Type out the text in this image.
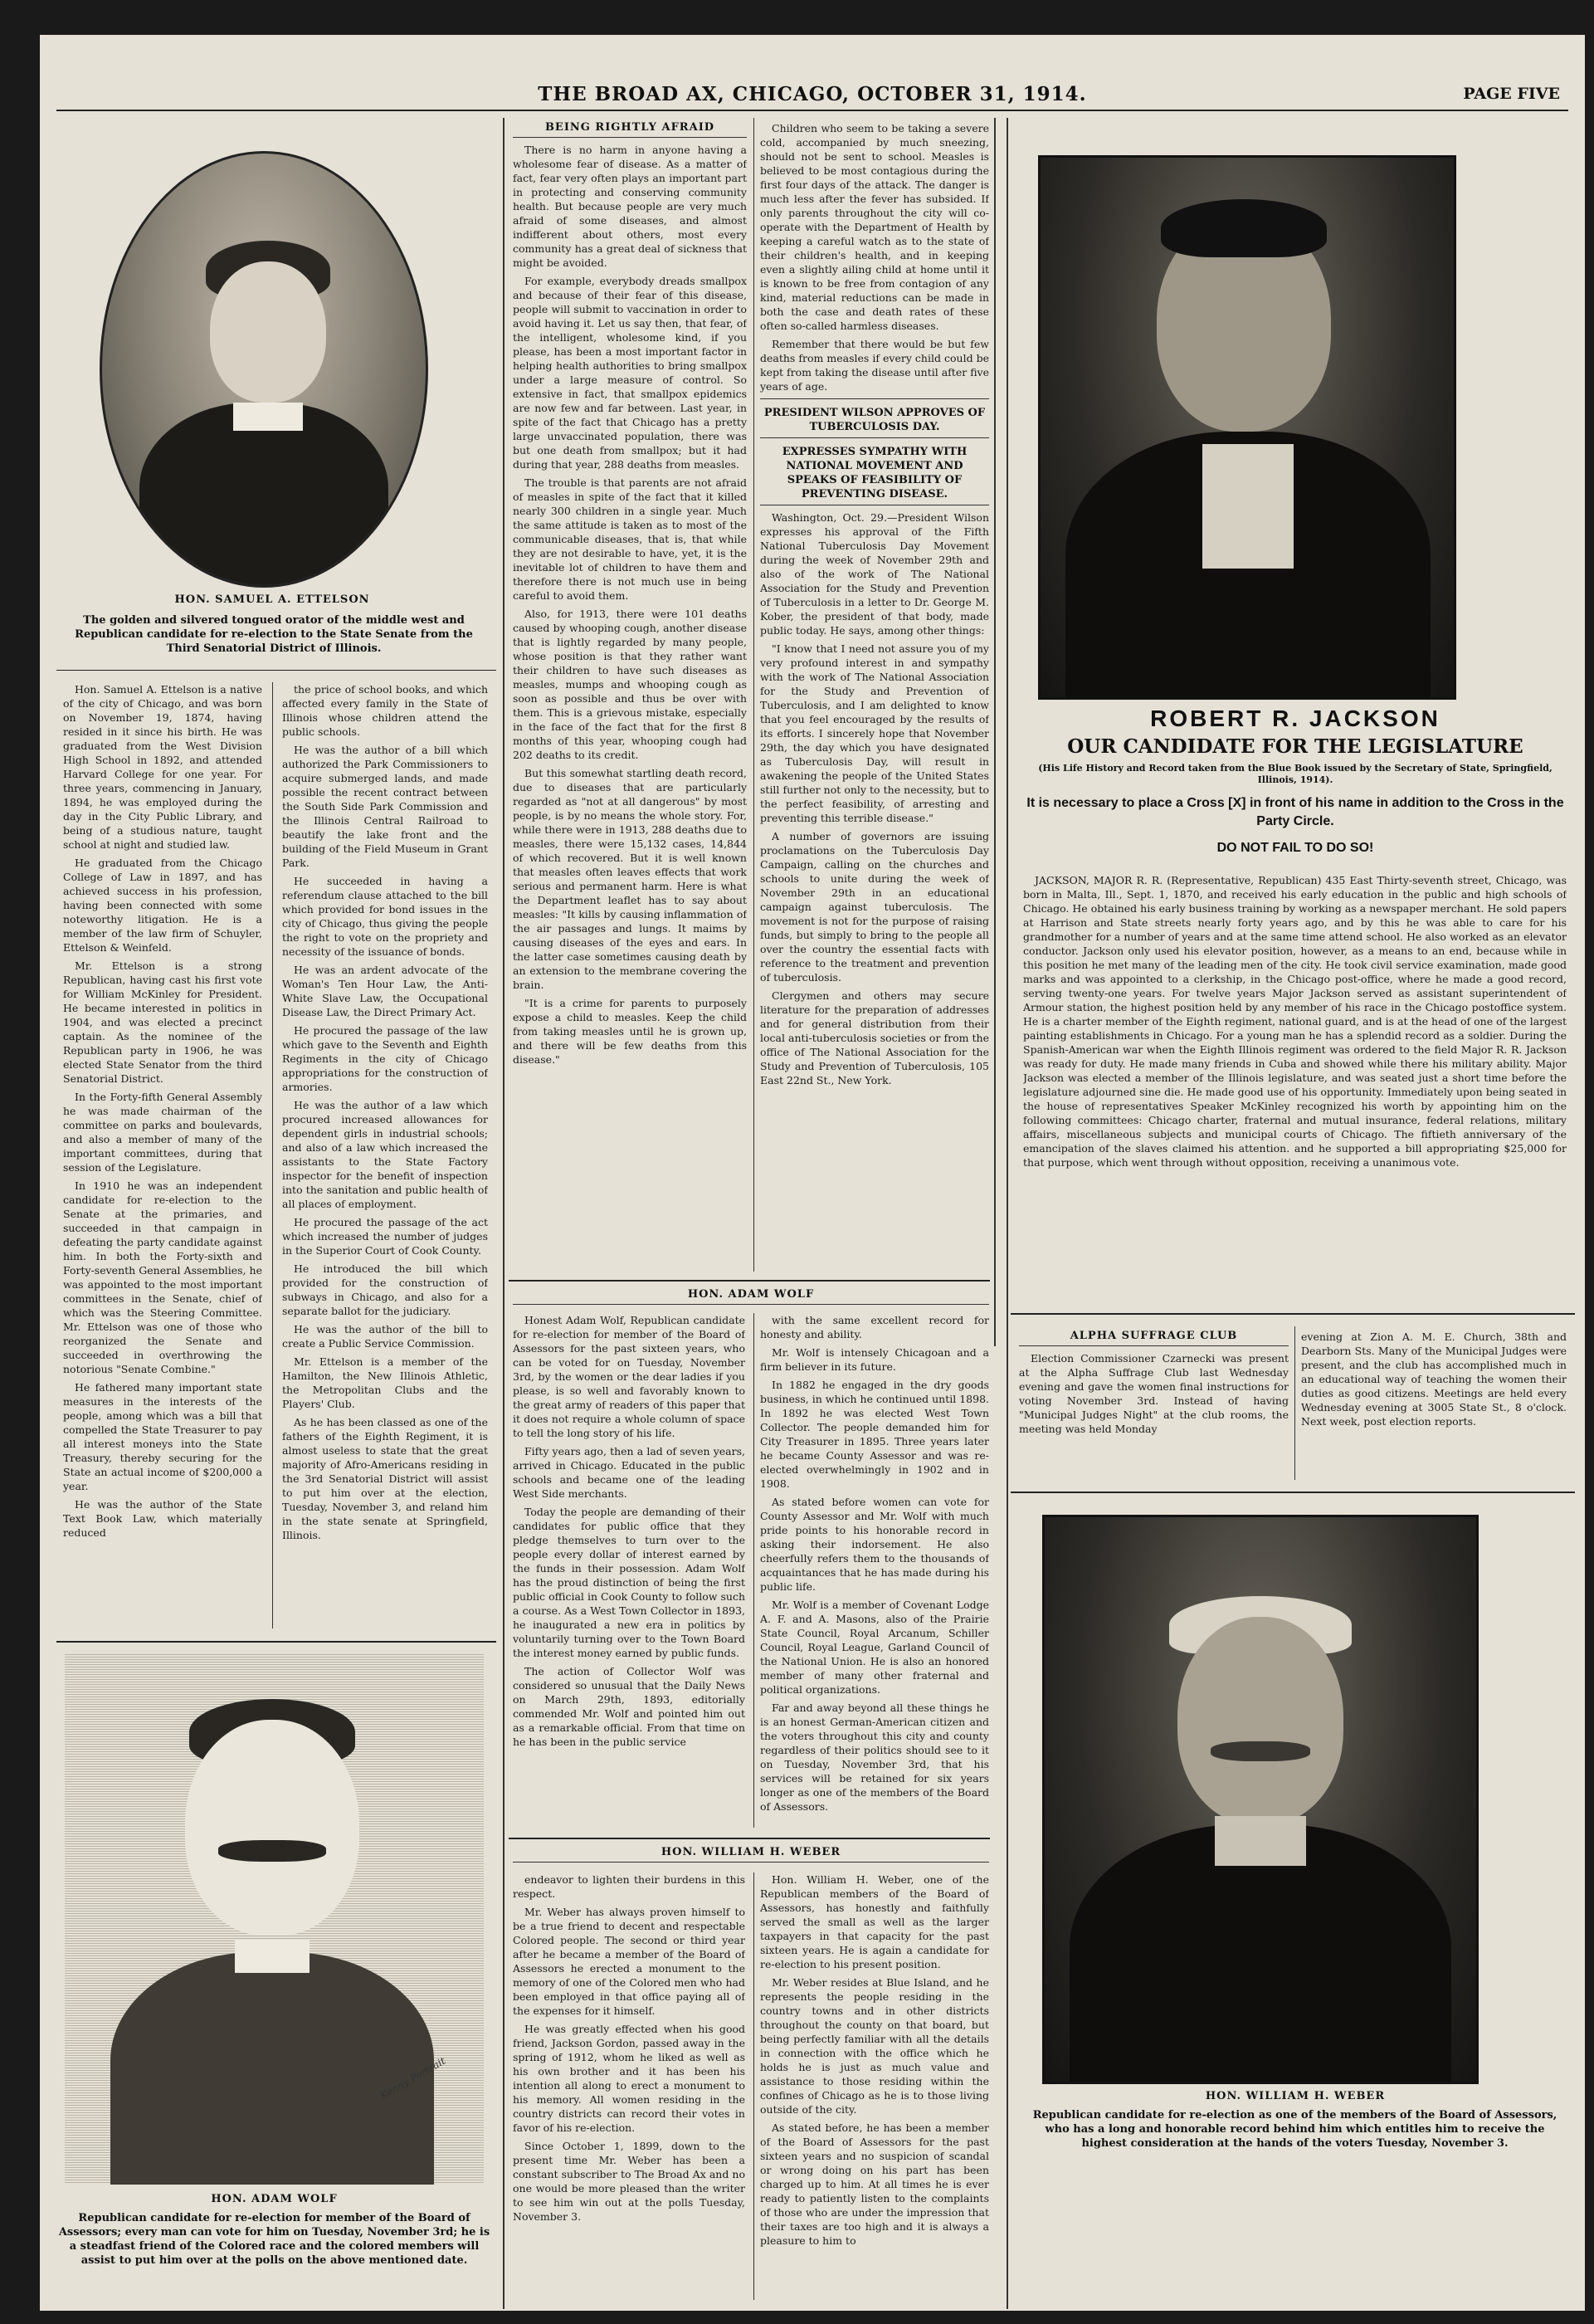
THE BROAD AX, CHICAGO, OCTOBER 31, 1914.	PAGE FIVE
HON. SAMUEL A. ETTELSON
The golden and silvered tongued orator of the middle west and Republican candidate for re-election to the State Senate from the Third Senatorial District of Illinois.

Hon. Samuel A. Ettelson is a native of the city of Chicago, and was born on November 19, 1874, having resided in it since his birth. He was graduated from the West Division High School in 1892, and attended Harvard College for one year. For three years, commencing in January, 1894, he was employed during the day in the City Public Library, and being of a studious nature, taught school at night and studied law.

He graduated from the Chicago College of Law in 1897, and has achieved success in his profession, having been connected with some noteworthy litigation. He is a member of the law firm of Schuyler, Ettelson & Weinfeld.

Mr. Ettelson is a strong Republican, having cast his first vote for William McKinley for President. He became interested in politics in 1904, and was elected a precinct captain. As the nominee of the Republican party in 1906, he was elected State Senator from the third Senatorial District.

In the Forty-fifth General Assembly he was made chairman of the committee on parks and boulevards, and also a member of many of the important committees, during that session of the Legislature.

In 1910 he was an independent candidate for re-election to the Senate at the primaries, and succeeded in that campaign in defeating the party candidate against him. In both the Forty-sixth and Forty-seventh General Assemblies, he was appointed to the most important committees in the Senate, chief of which was the Steering Committee. Mr. Ettelson was one of those who reorganized the Senate and succeeded in overthrowing the notorious "Senate Combine."

He fathered many important state measures in the interests of the people, among which was a bill that compelled the State Treasurer to pay all interest moneys into the State Treasury, thereby securing for the State an actual income of $200,000 a year.

He was the author of the State Text Book Law, which materially reduced

the price of school books, and which affected every family in the State of Illinois whose children attend the public schools.

He was the author of a bill which authorized the Park Commissioners to acquire submerged lands, and made possible the recent contract between the South Side Park Commission and the Illinois Central Railroad to beautify the lake front and the building of the Field Museum in Grant Park.

He succeeded in having a referendum clause attached to the bill which provided for bond issues in the city of Chicago, thus giving the people the right to vote on the propriety and necessity of the issuance of bonds.

He was an ardent advocate of the Woman's Ten Hour Law, the Anti-White Slave Law, the Occupational Disease Law, the Direct Primary Act.

He procured the passage of the law which gave to the Seventh and Eighth Regiments in the city of Chicago appropriations for the construction of armories.

He was the author of a law which procured increased allowances for dependent girls in industrial schools; and also of a law which increased the assistants to the State Factory inspector for the benefit of inspection into the sanitation and public health of all places of employment.

He procured the passage of the act which increased the number of judges in the Superior Court of Cook County.

He introduced the bill which provided for the construction of subways in Chicago, and also for a separate ballot for the judiciary.

He was the author of the bill to create a Public Service Commission.

Mr. Ettelson is a member of the Hamilton, the New Illinois Athletic, the Metropolitan Clubs and the Players' Club.

As he has been classed as one of the fathers of the Eighth Regiment, it is almost useless to state that the great majority of Afro-Americans residing in the 3rd Senatorial District will assist to put him over at the election, Tuesday, November 3, and reland him in the state senate at Springfield, Illinois.

Kenny Portrait
HON. ADAM WOLF
Republican candidate for re-election for member of the Board of Assessors; every man can vote for him on Tuesday, November 3rd; he is a steadfast friend of the Colored race and the colored members will assist to put him over at the polls on the above mentioned date.
BEING RIGHTLY AFRAID

There is no harm in anyone having a wholesome fear of disease. As a matter of fact, fear very often plays an important part in protecting and conserving community health. But because people are very much afraid of some diseases, and almost indifferent about others, most every community has a great deal of sickness that might be avoided.

For example, everybody dreads smallpox and because of their fear of this disease, people will submit to vaccination in order to avoid having it. Let us say then, that fear, of the intelligent, wholesome kind, if you please, has been a most important factor in helping health authorities to bring smallpox under a large measure of control. So extensive in fact, that smallpox epidemics are now few and far between. Last year, in spite of the fact that Chicago has a pretty large unvaccinated population, there was but one death from smallpox; but it had during that year, 288 deaths from measles.

The trouble is that parents are not afraid of measles in spite of the fact that it killed nearly 300 children in a single year. Much the same attitude is taken as to most of the communicable diseases, that is, that while they are not desirable to have, yet, it is the inevitable lot of children to have them and therefore there is not much use in being careful to avoid them.

Also, for 1913, there were 101 deaths caused by whooping cough, another disease that is lightly regarded by many people, whose position is that they rather want their children to have such diseases as measles, mumps and whooping cough as soon as possible and thus be over with them. This is a grievous mistake, especially in the face of the fact that for the first 8 months of this year, whooping cough had 202 deaths to its credit.

But this somewhat startling death record, due to diseases that are particularly regarded as "not at all dangerous" by most people, is by no means the whole story. For, while there were in 1913, 288 deaths due to measles, there were 15,132 cases, 14,844 of which recovered. But it is well known that measles often leaves effects that work serious and permanent harm. Here is what the Department leaflet has to say about measles: "It kills by causing inflammation of the air passages and lungs. It maims by causing diseases of the eyes and ears. In the latter case sometimes causing death by an extension to the membrane covering the brain.

"It is a crime for parents to purposely expose a child to measles. Keep the child from taking measles until he is grown up, and there will be few deaths from this disease."

Children who seem to be taking a severe cold, accompanied by much sneezing, should not be sent to school. Measles is believed to be most contagious during the first four days of the attack. The danger is much less after the fever has subsided. If only parents throughout the city will co-operate with the Department of Health by keeping a careful watch as to the state of their children's health, and in keeping even a slightly ailing child at home until it is known to be free from contagion of any kind, material reductions can be made in both the case and death rates of these often so-called harmless diseases.

Remember that there would be but few deaths from measles if every child could be kept from taking the disease until after five years of age.

PRESIDENT WILSON APPROVES OF TUBERCULOSIS DAY.
EXPRESSES SYMPATHY WITH NATIONAL MOVEMENT AND SPEAKS OF FEASIBILITY OF PREVENTING DISEASE.

Washington, Oct. 29.—President Wilson expresses his approval of the Fifth National Tuberculosis Day Movement during the week of November 29th and also of the work of The National Association for the Study and Prevention of Tuberculosis in a letter to Dr. George M. Kober, the president of that body, made public today. He says, among other things:

"I know that I need not assure you of my very profound interest in and sympathy with the work of The National Association for the Study and Prevention of Tuberculosis, and I am delighted to know that you feel encouraged by the results of its efforts. I sincerely hope that November 29th, the day which you have designated as Tuberculosis Day, will result in awakening the people of the United States still further not only to the necessity, but to the perfect feasibility, of arresting and preventing this terrible disease."

A number of governors are issuing proclamations on the Tuberculosis Day Campaign, calling on the churches and schools to unite during the week of November 29th in an educational campaign against tuberculosis. The movement is not for the purpose of raising funds, but simply to bring to the people all over the country the essential facts with reference to the treatment and prevention of tuberculosis.

Clergymen and others may secure literature for the preparation of addresses and for general distribution from their local anti-tuberculosis societies or from the office of The National Association for the Study and Prevention of Tuberculosis, 105 East 22nd St., New York.

HON. ADAM WOLF

Honest Adam Wolf, Republican candidate for re-election for member of the Board of Assessors for the past sixteen years, who can be voted for on Tuesday, November 3rd, by the women or the dear ladies if you please, is so well and favorably known to the great army of readers of this paper that it does not require a whole column of space to tell the long story of his life.

Fifty years ago, then a lad of seven years, arrived in Chicago. Educated in the public schools and became one of the leading West Side merchants.

Today the people are demanding of their candidates for public office that they pledge themselves to turn over to the people every dollar of interest earned by the funds in their possession. Adam Wolf has the proud distinction of being the first public official in Cook County to follow such a course. As a West Town Collector in 1893, he inaugurated a new era in politics by voluntarily turning over to the Town Board the interest money earned by public funds.

The action of Collector Wolf was considered so unusual that the Daily News on March 29th, 1893, editorially commended Mr. Wolf and pointed him out as a remarkable official. From that time on he has been in the public service

with the same excellent record for honesty and ability.

Mr. Wolf is intensely Chicagoan and a firm believer in its future.

In 1882 he engaged in the dry goods business, in which he continued until 1898. In 1892 he was elected West Town Collector. The people demanded him for City Treasurer in 1895. Three years later he became County Assessor and was re-elected overwhelmingly in 1902 and in 1908.

As stated before women can vote for County Assessor and Mr. Wolf with much pride points to his honorable record in asking their indorsement. He also cheerfully refers them to the thousands of acquaintances that he has made during his public life.

Mr. Wolf is a member of Covenant Lodge A. F. and A. Masons, also of the Prairie State Council, Royal Arcanum, Schiller Council, Royal League, Garland Council of the National Union. He is also an honored member of many other fraternal and political organizations.

Far and away beyond all these things he is an honest German-American citizen and the voters throughout this city and county regardless of their politics should see to it on Tuesday, November 3rd, that his services will be retained for six years longer as one of the members of the Board of Assessors.

HON. WILLIAM H. WEBER

endeavor to lighten their burdens in this respect.

Mr. Weber has always proven himself to be a true friend to decent and respectable Colored people. The second or third year after he became a member of the Board of Assessors he erected a monument to the memory of one of the Colored men who had been employed in that office paying all of the expenses for it himself.

He was greatly effected when his good friend, Jackson Gordon, passed away in the spring of 1912, whom he liked as well as his own brother and it has been his intention all along to erect a monument to his memory. All women residing in the country districts can record their votes in favor of his re-election.

Since October 1, 1899, down to the present time Mr. Weber has been a constant subscriber to The Broad Ax and no one would be more pleased than the writer to see him win out at the polls Tuesday, November 3.

Hon. William H. Weber, one of the Republican members of the Board of Assessors, has honestly and faithfully served the small as well as the larger taxpayers in that capacity for the past sixteen years. He is again a candidate for re-election to his present position.

Mr. Weber resides at Blue Island, and he represents the people residing in the country towns and in other districts throughout the county on that board, but being perfectly familiar with all the details in connection with the office which he holds he is just as much value and assistance to those residing within the confines of Chicago as he is to those living outside of the city.

As stated before, he has been a member of the Board of Assessors for the past sixteen years and no suspicion of scandal or wrong doing on his part has been charged up to him. At all times he is ever ready to patiently listen to the complaints of those who are under the impression that their taxes are too high and it is always a pleasure to him to

ROBERT R. JACKSON
OUR CANDIDATE FOR THE LEGISLATURE
(His Life History and Record taken from the Blue Book issued by the Secretary of State, Springfield, Illinois, 1914).
It is necessary to place a Cross [X] in front of his name in addition to the Cross in the Party Circle.
DO NOT FAIL TO DO SO!

JACKSON, MAJOR R. R. (Representative, Republican) 435 East Thirty-seventh street, Chicago, was born in Malta, Ill., Sept. 1, 1870, and received his early education in the public and high schools of Chicago. He obtained his early business training by working as a newspaper merchant. He sold papers at Harrison and State streets nearly forty years ago, and by this he was able to care for his grandmother for a number of years and at the same time attend school. He also worked as an elevator conductor. Jackson only used his elevator position, however, as a means to an end, because while in this position he met many of the leading men of the city. He took civil service examination, made good marks and was appointed to a clerkship, in the Chicago post-office, where he made a good record, serving twenty-one years. For twelve years Major Jackson served as assistant superintendent of Armour station, the highest position held by any member of his race in the Chicago postoffice system. He is a charter member of the Eighth regiment, national guard, and is at the head of one of the largest painting establishments in Chicago. For a young man he has a splendid record as a soldier. During the Spanish-American war when the Eighth Illinois regiment was ordered to the field Major R. R. Jackson was ready for duty. He made many friends in Cuba and showed while there his military ability. Major Jackson was elected a member of the Illinois legislature, and was seated just a short time before the legislature adjourned sine die. He made good use of his opportunity. Immediately upon being seated in the house of representatives Speaker McKinley recognized his worth by appointing him on the following committees: Chicago charter, fraternal and mutual insurance, federal relations, military affairs, miscellaneous subjects and municipal courts of Chicago. The fiftieth anniversary of the emancipation of the slaves claimed his attention. and he supported a bill appropriating $25,000 for that purpose, which went through without opposition, receiving a unanimous vote.

ALPHA SUFFRAGE CLUB

Election Commissioner Czarnecki was present at the Alpha Suffrage Club last Wednesday evening and gave the women final instructions for voting November 3rd. Instead of having "Municipal Judges Night" at the club rooms, the meeting was held Monday

evening at Zion A. M. E. Church, 38th and Dearborn Sts. Many of the Municipal Judges were present, and the club has accomplished much in an educational way of teaching the women their duties as good citizens. Meetings are held every Wednesday evening at 3005 State St., 8 o'clock. Next week, post election reports.

HON. WILLIAM H. WEBER
Republican candidate for re-election as one of the members of the Board of Assessors, who has a long and honorable record behind him which entitles him to receive the highest consideration at the hands of the voters Tuesday, November 3.
